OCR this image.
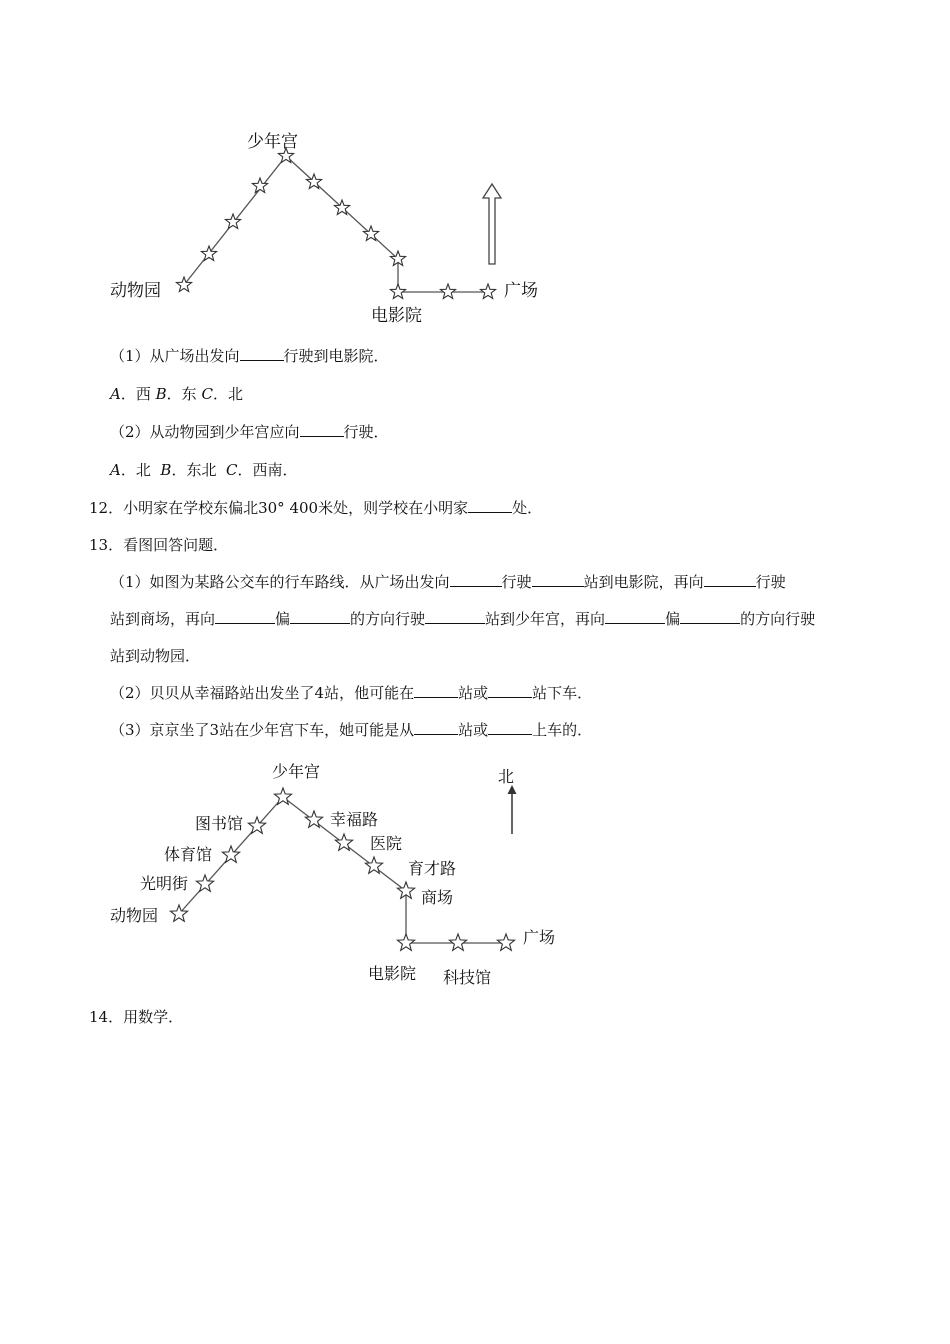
少年宫
动物园
电影院
广场
（1）从广场出发向	行驶到电影院．
A．西 B．东 C．北
（2）从动物园到少年宫应向	行驶．
A．北 B．东北 C．西南．
12．小明家在学校东偏北30° 400米处，则学校在小明家	处．
13．看图回答问题．
（1）如图为某路公交车的行车路线．从广场出发向	行驶	站到电影院，再向	行驶
站到商场，再向	偏	的方向行驶	站到少年宫，再向	偏	的方向行驶
站到动物园．
（2）贝贝从幸福路站出发坐了4站，他可能在	站或	站下车．
（3）京京坐了3站在少年宫下车，她可能是从	站或	上车的．
少年宫
图书馆
体育馆
光明街
动物园
幸福路
医院
育才路
商场
电影院 科技馆
广场
北
14．用数学．
